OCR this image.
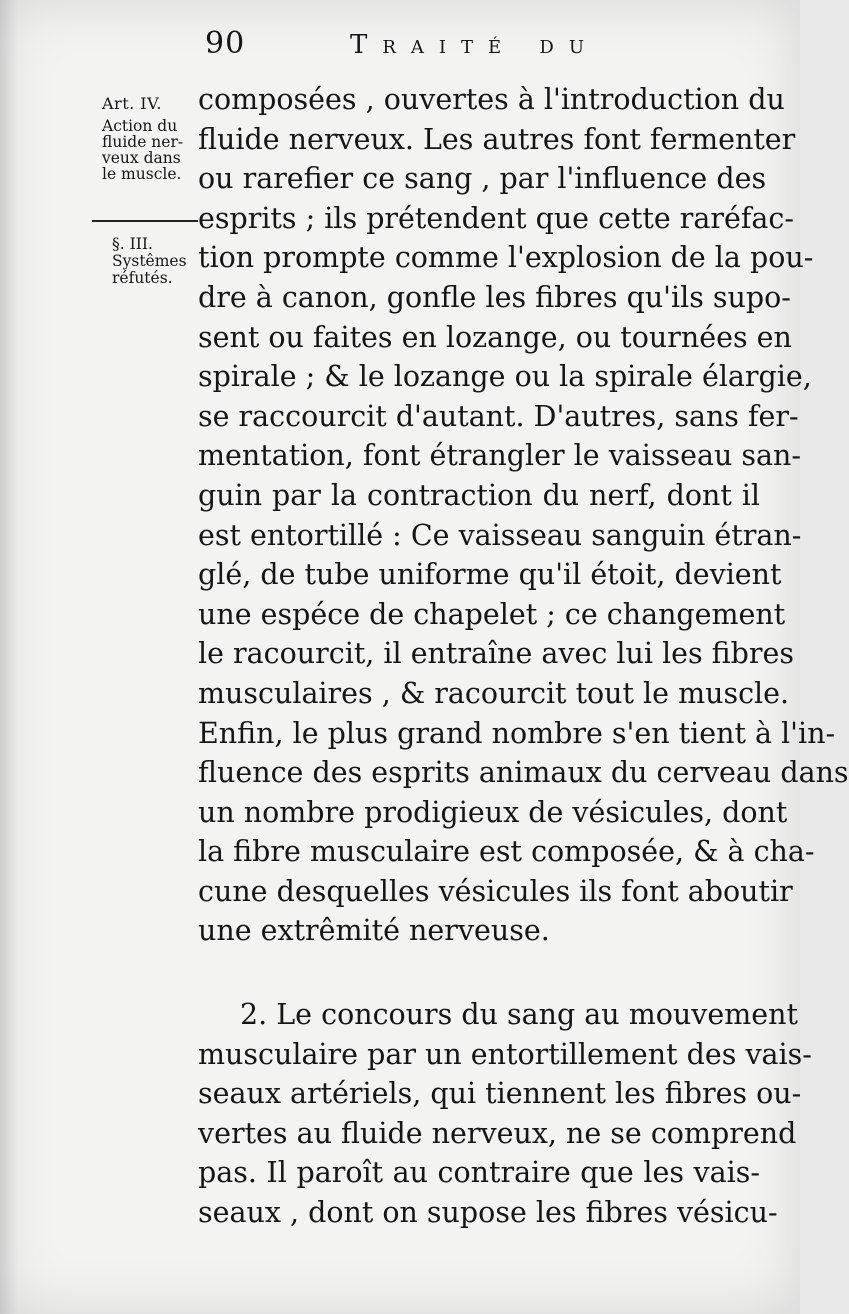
90	Traité du
Art. IV.
Action du
fluide ner-
veux dans
le muscle.
§. III.
Systêmes
réfutés.
composées , ouvertes à l'introduction du
fluide nerveux. Les autres font fermenter
ou rarefier ce sang , par l'influence des
esprits ; ils prétendent que cette raréfac-
tion prompte comme l'explosion de la pou-
dre à canon, gonfle les fibres qu'ils supo-
sent ou faites en lozange, ou tournées en
spirale ; & le lozange ou la spirale élargie,
se raccourcit d'autant. D'autres, sans fer-
mentation, font étrangler le vaisseau san-
guin par la contraction du nerf, dont il
est entortillé : Ce vaisseau sanguin étran-
glé, de tube uniforme qu'il étoit, devient
une espéce de chapelet ; ce changement
le racourcit, il entraîne avec lui les fibres
musculaires , & racourcit tout le muscle.
Enfin, le plus grand nombre s'en tient à l'in-
fluence des esprits animaux du cerveau dans
un nombre prodigieux de vésicules, dont
la fibre musculaire est composée, & à cha-
cune desquelles vésicules ils font aboutir
une extrêmité nerveuse.
2. Le concours du sang au mouvement
musculaire par un entortillement des vais-
seaux artériels, qui tiennent les fibres ou-
vertes au fluide nerveux, ne se comprend
pas. Il paroît au contraire que les vais-
seaux , dont on supose les fibres vésicu-
